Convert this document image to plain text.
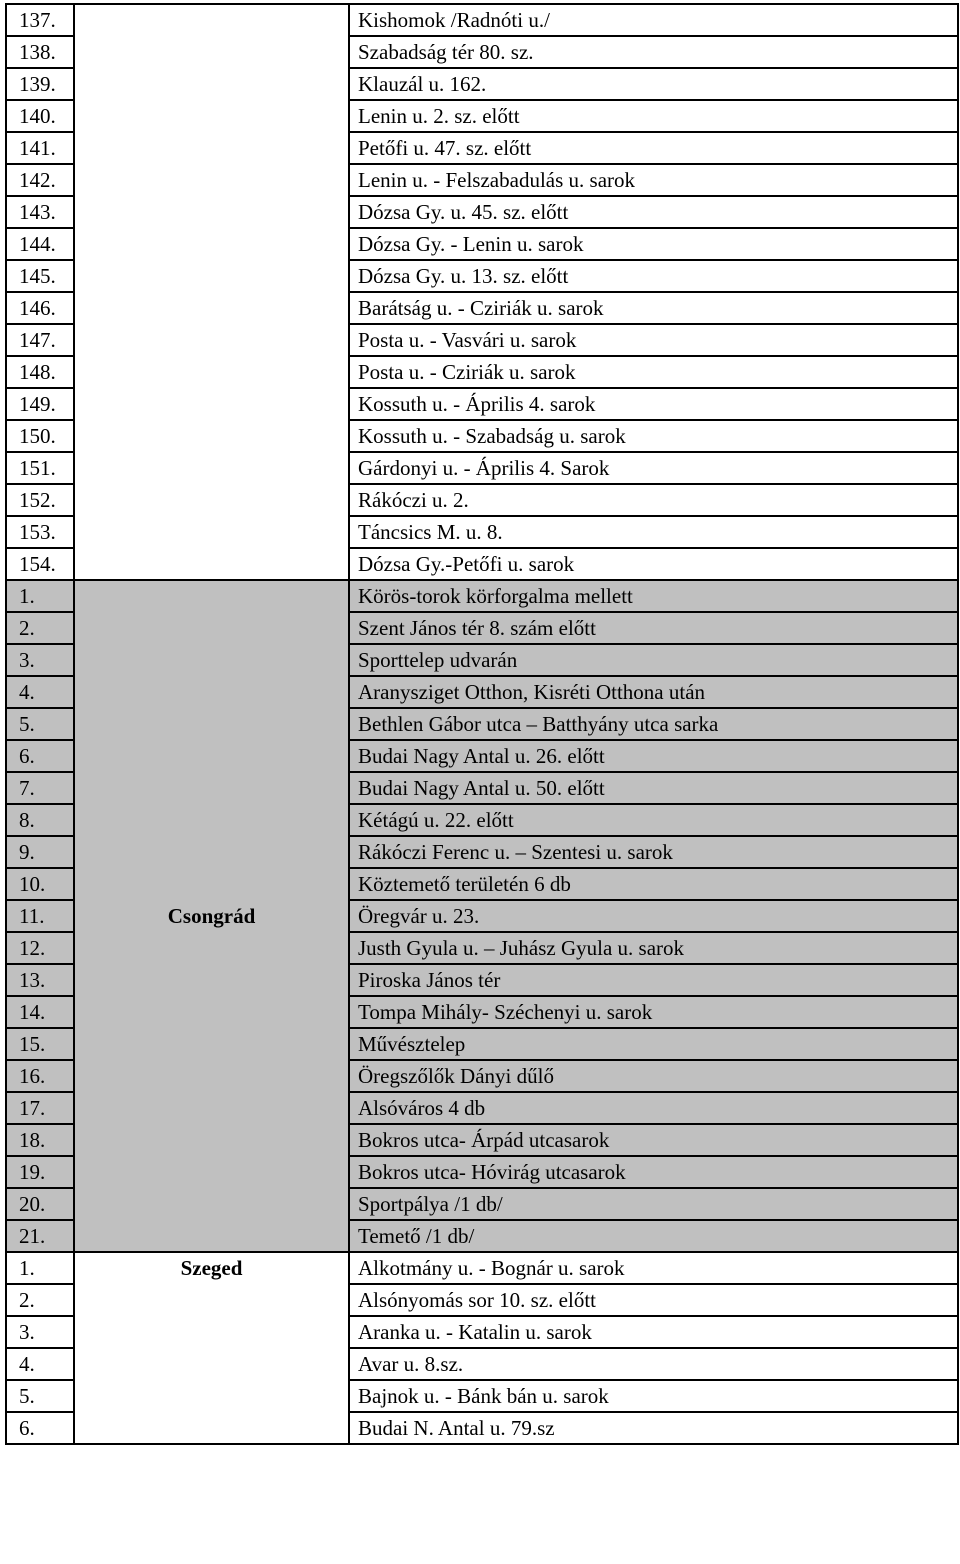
137.		Kishomok /Radnóti u./
138.		Szabadság tér 80. sz.
139.		Klauzál u. 162.
140.		Lenin u. 2. sz. előtt
141.		Petőfi u. 47. sz. előtt
142.		Lenin u. - Felszabadulás u. sarok
143.		Dózsa Gy. u. 45. sz. előtt
144.		Dózsa Gy. - Lenin u. sarok
145.		Dózsa Gy. u. 13. sz. előtt
146.		Barátság u. - Cziriák u. sarok
147.		Posta u. - Vasvári u. sarok
148.		Posta u. - Cziriák u. sarok
149.		Kossuth u. - Április 4. sarok
150.		Kossuth u. - Szabadság u. sarok
151.		Gárdonyi u. - Április 4. Sarok
152.		Rákóczi u. 2.
153.		Táncsics M. u. 8.
154.		Dózsa Gy.-Petőfi u. sarok
1.	Csongrád	Körös-torok körforgalma mellett
2.		Szent János tér 8. szám előtt
3.		Sporttelep udvarán
4.		Aranysziget Otthon, Kisréti Otthona után
5.		Bethlen Gábor utca – Batthyány utca sarka
6.		Budai Nagy Antal u. 26. előtt
7.		Budai Nagy Antal u. 50. előtt
8.		Kétágú u. 22. előtt
9.		Rákóczi Ferenc u. – Szentesi u. sarok
10.		Köztemető területén 6 db
11.		Öregvár u. 23.
12.		Justh Gyula u. – Juhász Gyula u. sarok
13.		Piroska János tér
14.		Tompa Mihály- Széchenyi u. sarok
15.		Művésztelep
16.		Öregszőlők Dányi dűlő
17.		Alsóváros 4 db
18.		Bokros utca- Árpád utcasarok
19.		Bokros utca- Hóvirág utcasarok
20.		Sportpálya /1 db/
21.		Temető /1 db/
1.	Szeged	Alkotmány u. - Bognár u. sarok
2.		Alsónyomás sor 10. sz. előtt
3.		Aranka u. - Katalin u. sarok
4.		Avar u. 8.sz.
5.		Bajnok u. - Bánk bán u. sarok
6.		Budai N. Antal u. 79.sz
